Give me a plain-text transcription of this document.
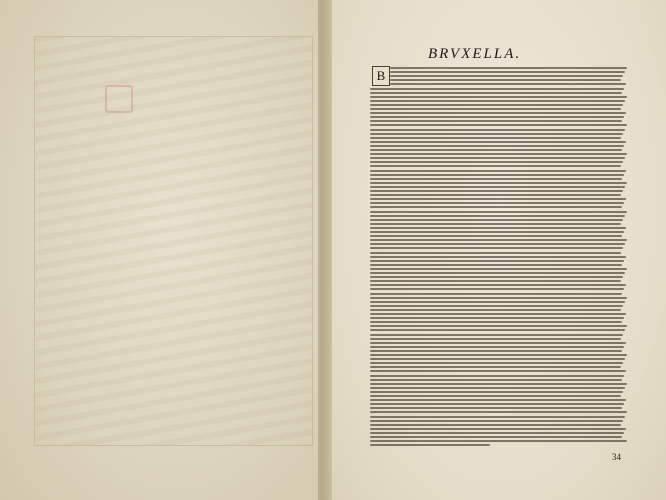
BRVXELLA.
B
34
